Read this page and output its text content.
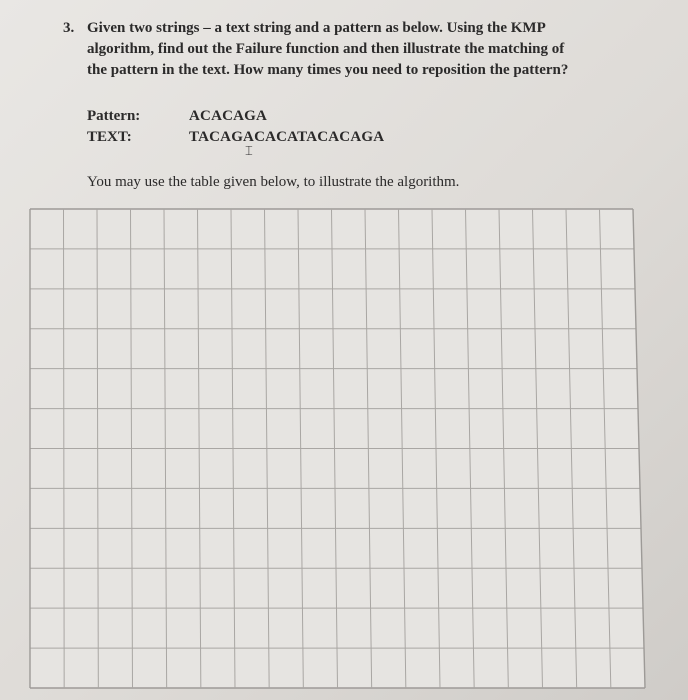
3. Given two strings – a text string and a pattern as below. Using the KMP
algorithm, find out the Failure function and then illustrate the matching of
the pattern in the text. How many times you need to reposition the pattern?
Pattern:	ACACAGA
TEXT:	TACAGACACATACACAGA
⌶
You may use the table given below, to illustrate the algorithm.
